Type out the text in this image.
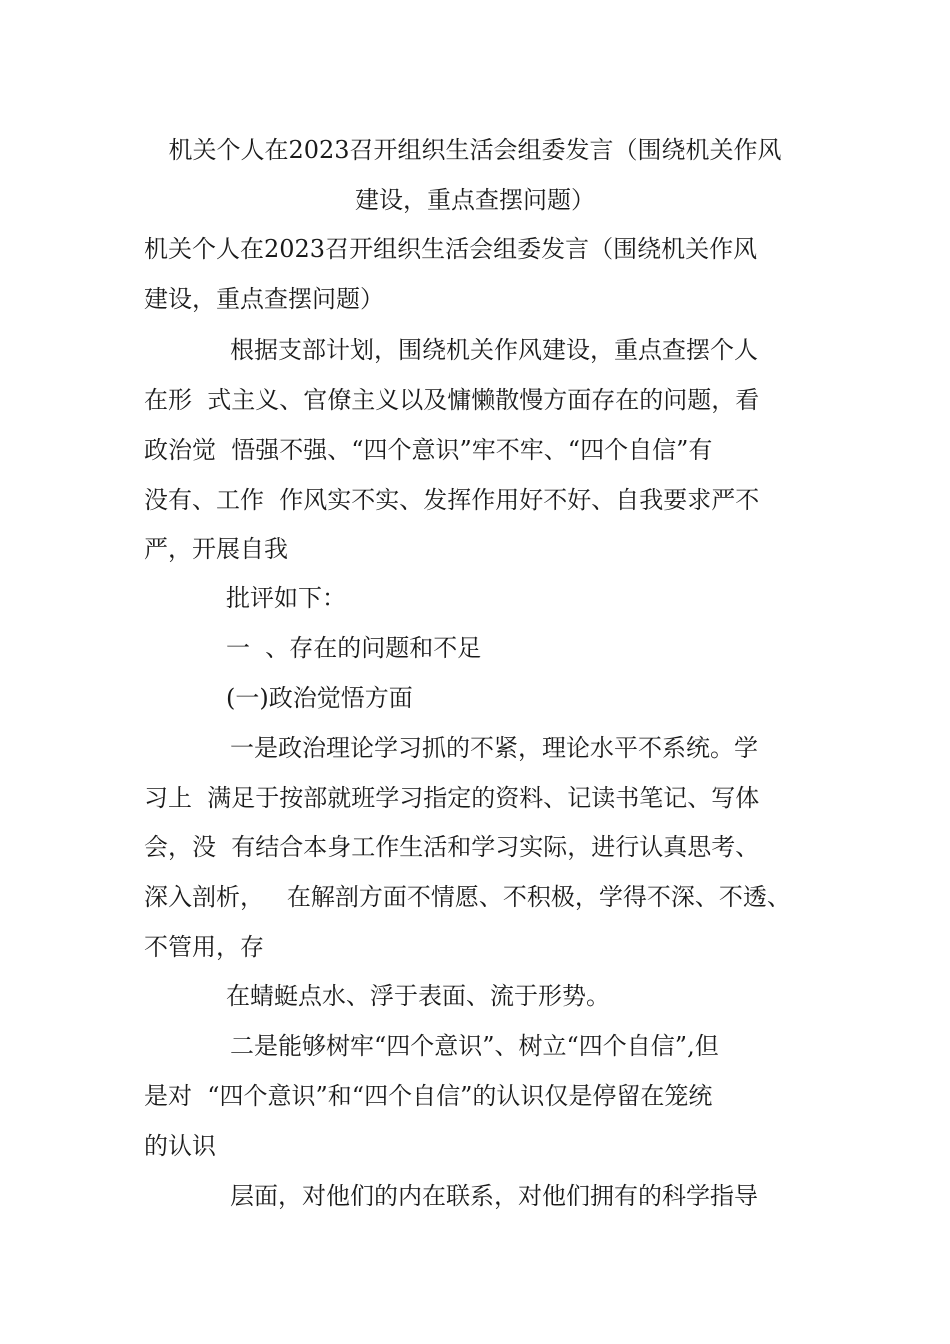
机关个人在2023召开组织生活会组委发言（围绕机关作风
建设，重点查摆问题）
机关个人在2023召开组织生活会组委发言（围绕机关作风
建设，重点查摆问题）
根据支部计划，围绕机关作风建设，重点查摆个人
在形  式主义、官僚主义以及慵懒散慢方面存在的问题，看
政治觉  悟强不强、“四个意识”牢不牢、“四个自信”有
没有、工作  作风实不实、发挥作用好不好、自我要求严不
严，开展自我
批评如下：
一  、存在的问题和不足
(一)政治觉悟方面
一是政治理论学习抓的不紧，理论水平不系统。学
习上  满足于按部就班学习指定的资料、记读书笔记、写体
会，没  有结合本身工作生活和学习实际，进行认真思考、
深入剖析，   在解剖方面不情愿、不积极，学得不深、不透、
不管用，存
在蜻蜓点水、浮于表面、流于形势。
二是能够树牢“四个意识”、树立“四个自信”,但
是对  “四个意识”和“四个自信”的认识仅是停留在笼统
的认识
层面，对他们的内在联系，对他们拥有的科学指导
